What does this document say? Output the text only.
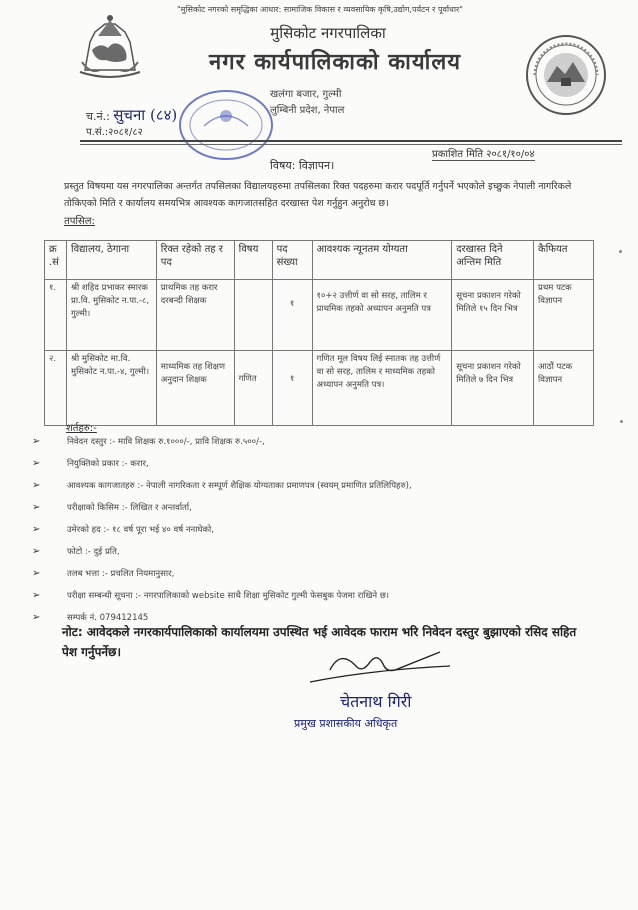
"मुसिकोट नगरको समृद्धिका आधार: सामाजिक विकास र व्यवसायिक कृषि,उद्योग,पर्यटन र पूर्वाधार"
मुसिकोट नगरपालिका
नगर कार्यपालिकाको कार्यालय
खलंगा बजार, गुल्मी
लुम्बिनी प्रदेश, नेपाल
च.नं.: सुचना (८४)
प.सं.:२०८१/८२
प्रकाशित मिति २०८१/१०/०४
विषय: विज्ञापन।
प्रस्तुत विषयमा यस नगरपालिका अन्तर्गत तपसिलका विद्यालयहरुमा तपसिलका रिक्त पदहरुमा करार पदपूर्ति गर्नुपर्ने भएकोले इच्छुक नेपाली नागरिकले तोकिएको मिति र कार्यालय समयभित्र आवश्यक कागजातसहित दरखास्त पेश गर्नुहुन अनुरोध छ।
तपसिल:
क्र .सं	विद्यालय, ठेगाना	रिक्त रहेको तह र पद	विषय	पद संख्या	आवश्यक न्यूनतम योग्यता	दरखास्त दिने अन्तिम मिति	कैफियत
१.	श्री शहिद प्रभाकर स्मारक प्रा.वि. मुसिकोट न.पा.-८, गुल्मी।	प्राथमिक तह करार दरबन्दी शिक्षक		१	१०+२ उत्तीर्ण वा सो सरह, तालिम र प्राथमिक तहको अध्यापन अनुमति पत्र	सूचना प्रकाशन गरेको मितिले १५ दिन भित्र	प्रथम पटक विज्ञापन
२.	श्री मुसिकोट मा.वि. मुसिकोट न.पा.-४, गुल्मी।	माध्यमिक तह शिक्षण अनुदान शिक्षक	गणित	१	गणित मूल विषय लिई स्नातक तह उत्तीर्ण वा सो सरह, तालिम र माध्यमिक तहको अध्यापन अनुमति पत्र।	सूचना प्रकाशन गरेको मितिले ७ दिन भित्र	आठौं पटक विज्ञापन
शर्तहरु:-
➢	निवेदन दस्तुर :- मावि शिक्षक रु.१०००/-, प्रावि शिक्षक रु.५००/-,
➢	नियुक्तिको प्रकार :- करार,
➢	आवश्यक कागजातहरु :- नेपाली नागरिकता र सम्पूर्ण शैक्षिक योग्यताका प्रमाणपत्र (स्वयम् प्रमाणित प्रतिलिपिहरु),
➢	परीक्षाको किसिम :- लिखित र अन्तर्वार्ता,
➢	उमेरको हद :- १८ वर्ष पूरा भई ४० वर्ष ननाघेको,
➢	फोटो :- दुई प्रति,
➢	तलब भत्ता :- प्रचलित नियमानुसार,
➢	परीक्षा सम्बन्धी सूचना :- नगरपालिकाको website साथै शिक्षा मुसिकोट गुल्मी फेसबुक पेजमा राखिने छ।
➢	सम्पर्क नं. 079412145
नोट: आवेदकले नगरकार्यपालिकाको कार्यालयमा उपस्थित भई आवेदक फाराम भरि निवेदन दस्तुर बुझाएको रसिद सहित पेश गर्नुपर्नेछ।
चेतनाथ गिरी
प्रमुख प्रशासकीय अधिकृत
